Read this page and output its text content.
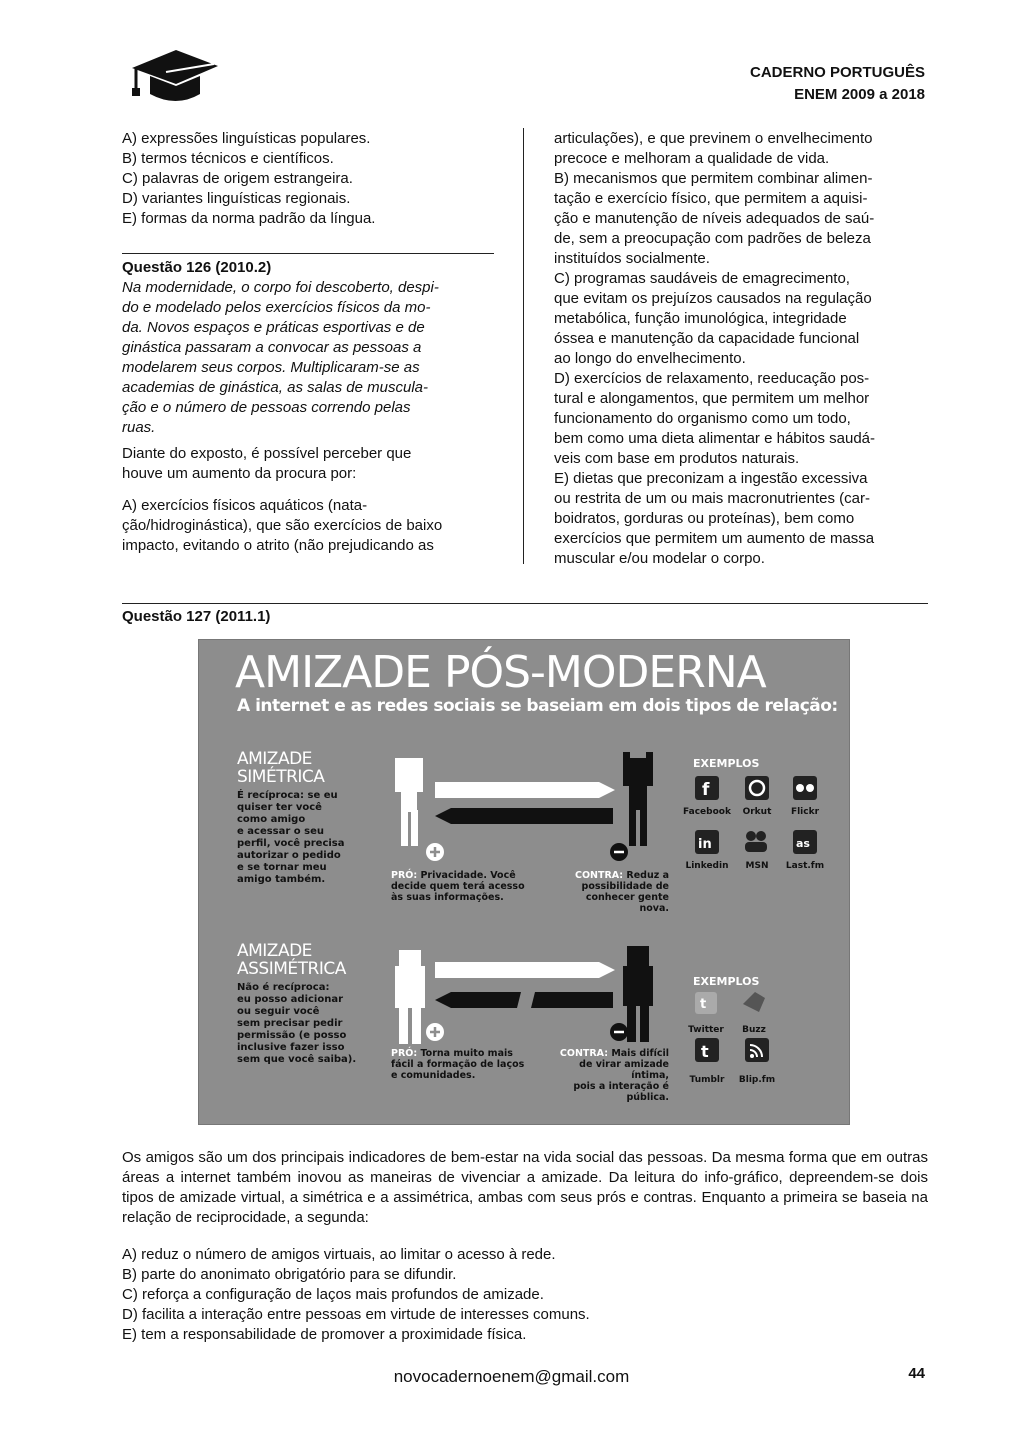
CADERNO PORTUGUÊS
ENEM 2009 a 2018
A) expressões linguísticas populares.
B) termos técnicos e científicos.
C) palavras de origem estrangeira.
D) variantes linguísticas regionais.
E) formas da norma padrão da língua.
Questão 126 (2010.2)
Na modernidade, o corpo foi descoberto, despi-
do e modelado pelos exercícios físicos da mo-
da. Novos espaços e práticas esportivas e de
ginástica passaram a convocar as pessoas a
modelarem seus corpos. Multiplicaram-se as
academias de ginástica, as salas de muscula-
ção e o número de pessoas correndo pelas
ruas.
Diante do exposto, é possível perceber que
houve um aumento da procura por:
A) exercícios físicos aquáticos (nata-
ção/hidroginástica), que são exercícios de baixo
impacto, evitando o atrito (não prejudicando as
articulações), e que previnem o envelhecimento
precoce e melhoram a qualidade de vida.
B) mecanismos que permitem combinar alimen-
tação e exercício físico, que permitem a aquisi-
ção e manutenção de níveis adequados de saú-
de, sem a preocupação com padrões de beleza
instituídos socialmente.
C) programas saudáveis de emagrecimento,
que evitam os prejuízos causados na regulação
metabólica, função imunológica, integridade
óssea e manutenção da capacidade funcional
ao longo do envelhecimento.
D) exercícios de relaxamento, reeducação pos-
tural e alongamentos, que permitem um melhor
funcionamento do organismo como um todo,
bem como uma dieta alimentar e hábitos saudá-
veis com base em produtos naturais.
E) dietas que preconizam a ingestão excessiva
ou restrita de um ou mais macronutrientes (car-
boidratos, gorduras ou proteínas), bem como
exercícios que permitem um aumento de massa
muscular e/ou modelar o corpo.
Questão 127 (2011.1)
f
in	as
t
t
AMIZADE PÓS-MODERNA
A internet e as redes sociais se baseiam em dois tipos de relação:
AMIZADE
SIMÉTRICA
É recíproca: se eu
quiser ter você
como amigo
e acessar o seu
perfil, você precisa
autorizar o pedido
e se tornar meu
amigo também.	PRÓ: Privacidade. Você
decide quem terá acesso
às suas informações.
CONTRA: Reduz a
possibilidade de
conhecer gente nova.
EXEMPLOS
Facebook	Orkut	Flickr
Linkedin	MSN	Last.fm
AMIZADE
ASSIMÉTRICA
Não é recíproca:
eu posso adicionar
ou seguir você
sem precisar pedir
permissão (e posso
inclusive fazer isso
sem que você saiba).
PRÓ: Torna muito mais
fácil a formação de laços
e comunidades.
CONTRA: Mais difícil
de virar amizade íntima,
pois a interação é pública.
EXEMPLOS
Twitter	Buzz
Tumblr	Blip.fm
Os amigos são um dos principais indicadores de bem-estar na vida social das pessoas. Da mesma forma que em outras áreas a internet também inovou as maneiras de vivenciar a amizade. Da leitura do info-gráfico, depreendem-se dois tipos de amizade virtual, a simétrica e a assimétrica, ambas com seus prós e contras. Enquanto a primeira se baseia na relação de reciprocidade, a segunda:
A) reduz o número de amigos virtuais, ao limitar o acesso à rede.
B) parte do anonimato obrigatório para se difundir.
C) reforça a configuração de laços mais profundos de amizade.
D) facilita a interação entre pessoas em virtude de interesses comuns.
E) tem a responsabilidade de promover a proximidade física.
novocadernoenem@gmail.com	44
